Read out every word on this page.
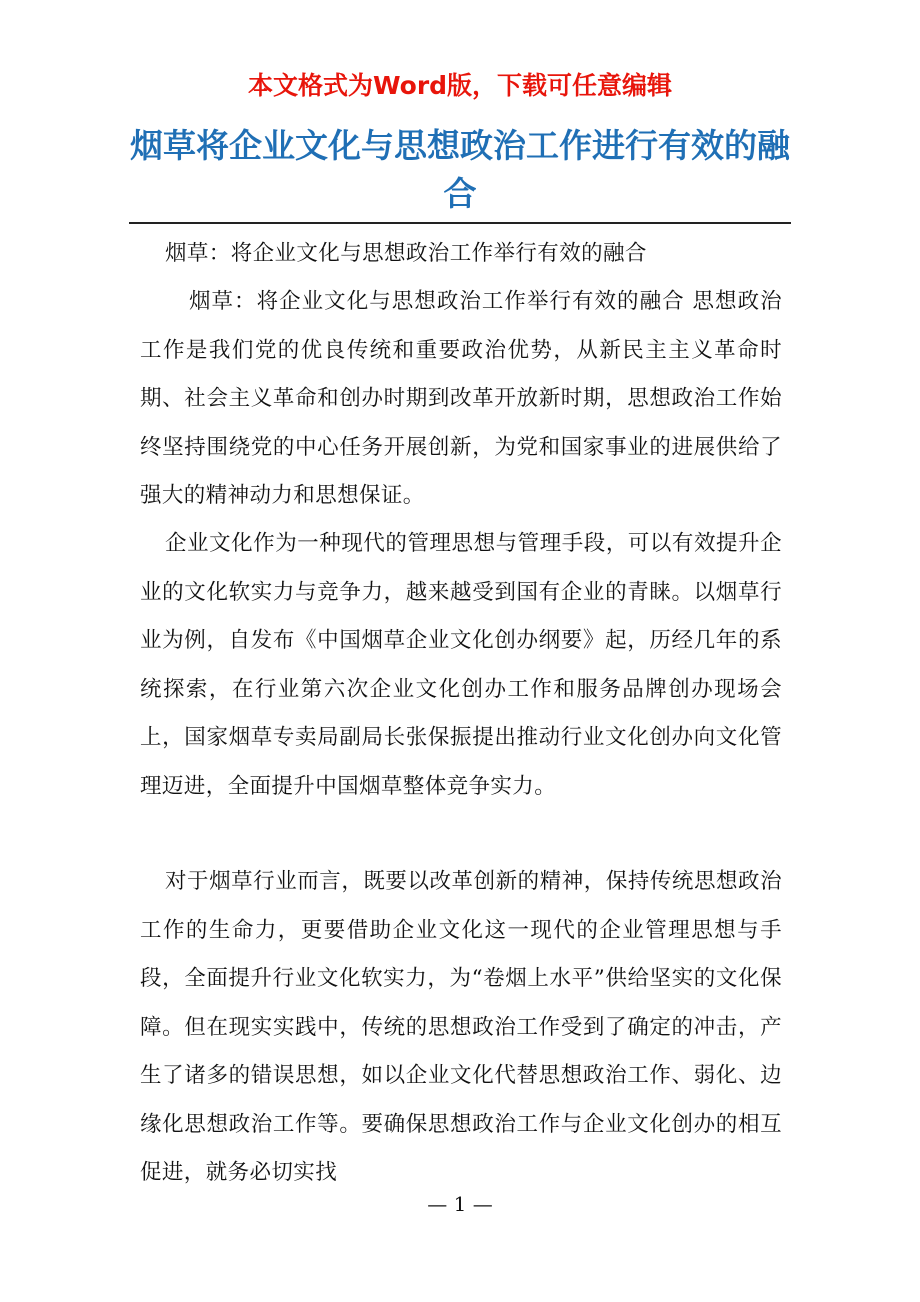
本文格式为Word版，下载可任意编辑
烟草将企业文化与思想政治工作进行有效的融合
烟草：将企业文化与思想政治工作举行有效的融合

烟草：将企业文化与思想政治工作举行有效的融合 思想政治工作是我们党的优良传统和重要政治优势，从新民主主义革命时期、社会主义革命和创办时期到改革开放新时期，思想政治工作始终坚持围绕党的中心任务开展创新，为党和国家事业的进展供给了强大的精神动力和思想保证。

企业文化作为一种现代的管理思想与管理手段，可以有效提升企业的文化软实力与竞争力，越来越受到国有企业的青睐。以烟草行业为例，自发布《中国烟草企业文化创办纲要》起，历经几年的系统探索，在行业第六次企业文化创办工作和服务品牌创办现场会上，国家烟草专卖局副局长张保振提出推动行业文化创办向文化管理迈进，全面提升中国烟草整体竞争实力。

对于烟草行业而言，既要以改革创新的精神，保持传统思想政治工作的生命力，更要借助企业文化这一现代的企业管理思想与手段，全面提升行业文化软实力，为“卷烟上水平”供给坚实的文化保障。但在现实实践中，传统的思想政治工作受到了确定的冲击，产生了诸多的错误思想，如以企业文化代替思想政治工作、弱化、边缘化思想政治工作等。要确保思想政治工作与企业文化创办的相互促进，就务必切实找

— 1 —
